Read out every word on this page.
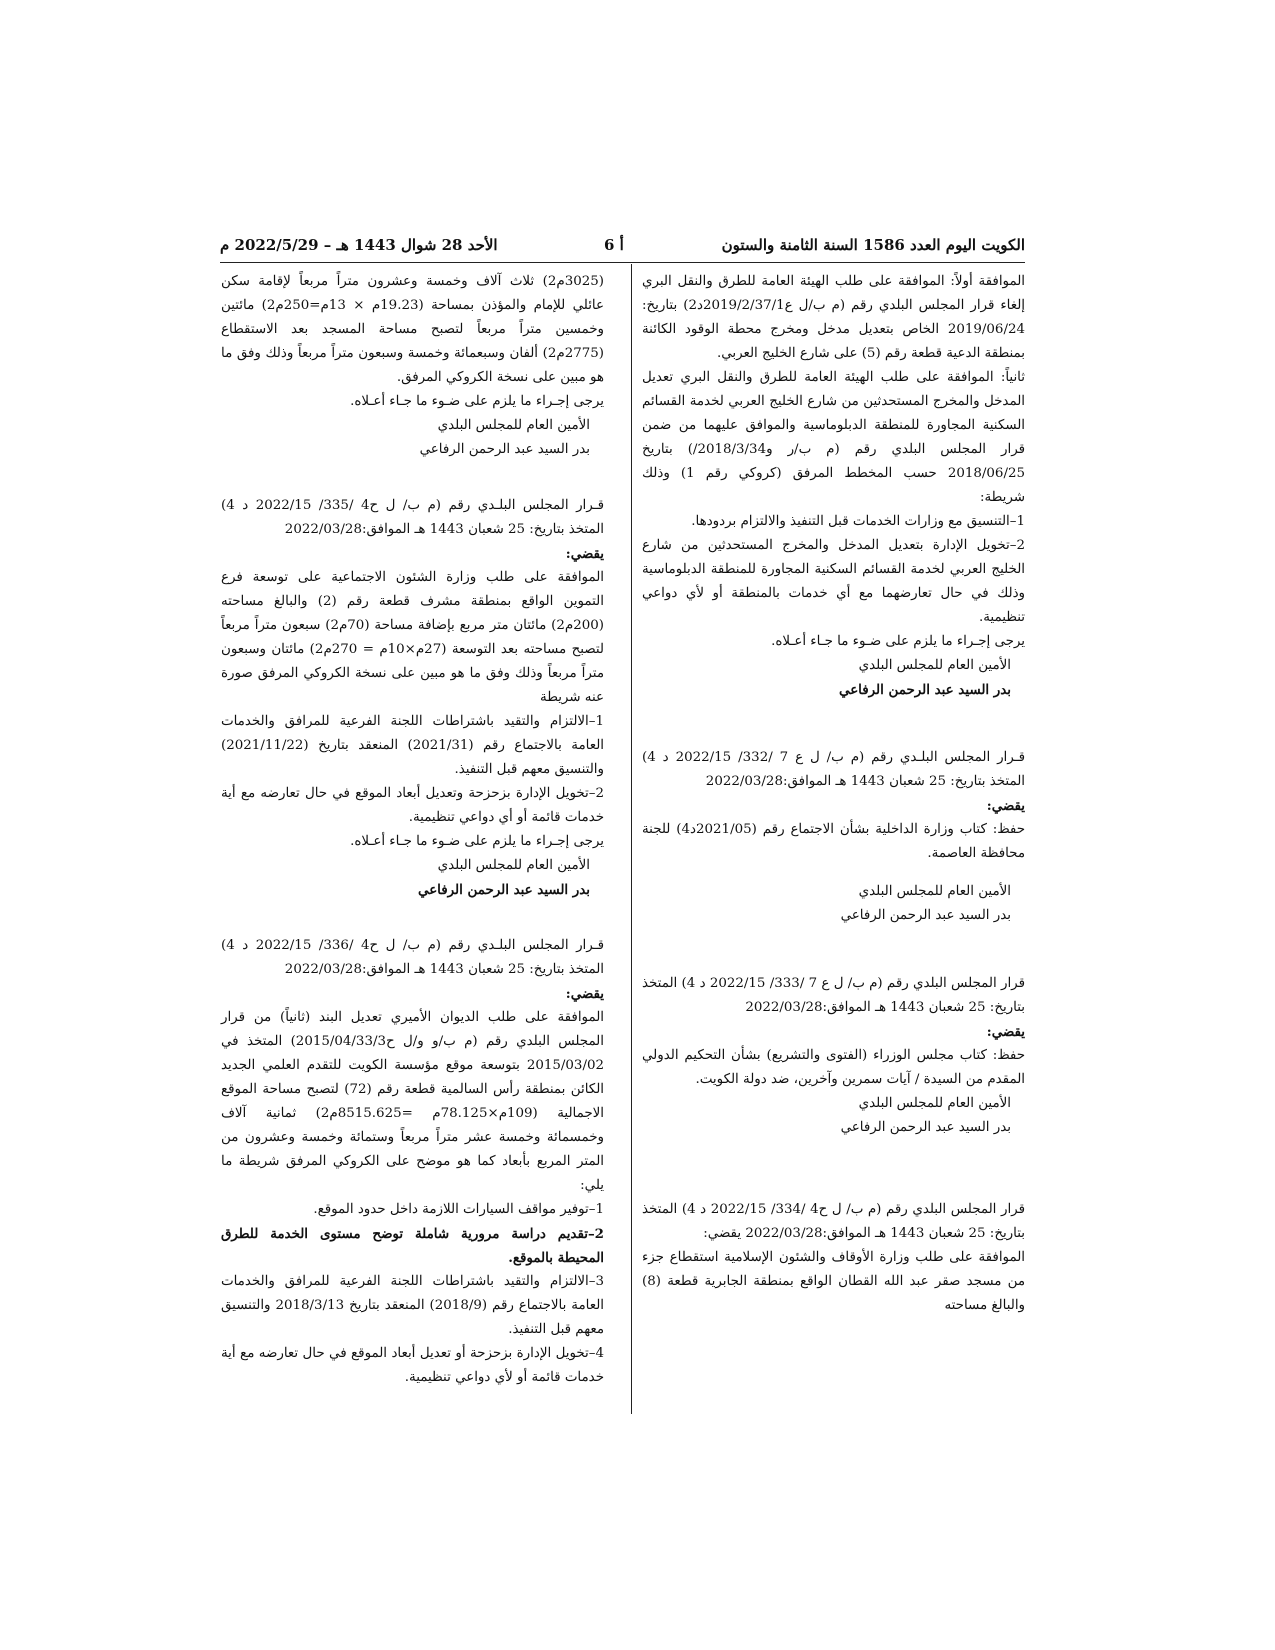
الأحد 28 شوال 1443 هـ – 2022/5/29 م	أ 6	الكويت اليوم العدد 1586 السنة الثامنة والستون

الموافقة أولاً: الموافقة على طلب الهيئة العامة للطرق والنقل البري إلغاء قرار المجلس البلدي رقم (م ب/ل ع2019/2/37/1د2) بتاريخ: 2019/06/24 الخاص بتعديل مدخل ومخرج محطة الوقود الكائنة بمنطقة الدعية قطعة رقم (5) على شارع الخليج العربي.

ثانياً: الموافقة على طلب الهيئة العامة للطرق والنقل البري تعديل المدخل والمخرج المستحدثين من شارع الخليج العربي لخدمة القسائم السكنية المجاورة للمنطقة الدبلوماسية والموافق عليهما من ضمن قرار المجلس البلدي رقم (م ب/ر و2018/3/34/) بتاريخ 2018/06/25 حسب المخطط المرفق (كروكي رقم 1) وذلك شريطة:

1–التنسيق مع وزارات الخدمات قبل التنفيذ والالتزام بردودها.

2–تخويل الإدارة بتعديل المدخل والمخرج المستحدثين من شارع الخليج العربي لخدمة القسائم السكنية المجاورة للمنطقة الدبلوماسية وذلك في حال تعارضهما مع أي خدمات بالمنطقة أو لأي دواعي تنظيمية.

يرجى إجـراء ما يلزم على ضـوء ما جـاء أعـلاه.

الأمين العام للمجلس البلدي

بدر السيد عبد الرحمن الرفاعي

قـرار المجلس البلـدي رقم (م ب/ ل ع 7 /332/ 2022/15 د 4) المتخذ بتاريخ: 25 شعبان 1443 هـ الموافق:2022/03/28

يقضي:

حفظ: كتاب وزارة الداخلية بشأن الاجتماع رقم (2021/05د4) للجنة محافظة العاصمة.

الأمين العام للمجلس البلدي

بدر السيد عبد الرحمن الرفاعي

قرار المجلس البلدي رقم (م ب/ ل ع 7 /333/ 2022/15 د 4) المتخذ بتاريخ: 25 شعبان 1443 هـ الموافق:2022/03/28

يقضي:

حفظ: كتاب مجلس الوزراء (الفتوى والتشريع) بشأن التحكيم الدولي المقدم من السيدة / آيات سمرين وآخرين، ضد دولة الكويت.

الأمين العام للمجلس البلدي

بدر السيد عبد الرحمن الرفاعي

قرار المجلس البلدي رقم (م ب/ ل ح4 /334/ 2022/15 د 4) المتخذ بتاريخ: 25 شعبان 1443 هـ الموافق:2022/03/28 يقضي:

الموافقة على طلب وزارة الأوقاف والشئون الإسلامية استقطاع جزء من مسجد صقر عبد الله القطان الواقع بمنطقة الجابرية قطعة (8) والبالغ مساحته

(3025م2) ثلاث آلاف وخمسة وعشرون متراً مربعاً لإقامة سكن عائلي للإمام والمؤذن بمساحة (19.23م × 13م=250م2) مائتين وخمسين متراً مربعاً لتصبح مساحة المسجد بعد الاستقطاع (2775م2) ألفان وسبعمائة وخمسة وسبعون متراً مربعاً وذلك وفق ما هو مبين على نسخة الكروكي المرفق.

يرجى إجـراء ما يلزم على ضـوء ما جـاء أعـلاه.

الأمين العام للمجلس البلدي

بدر السيد عبد الرحمن الرفاعي

قـرار المجلس البلـدي رقم (م ب/ ل ح4 /335/ 2022/15 د 4) المتخذ بتاريخ: 25 شعبان 1443 هـ الموافق:2022/03/28

يقضي:

الموافقة على طلب وزارة الشئون الاجتماعية على توسعة فرع التموين الواقع بمنطقة مشرف قطعة رقم (2) والبالغ مساحته (200م2) مائتان متر مربع بإضافة مساحة (70م2) سبعون متراً مربعاً لتصبح مساحته بعد التوسعة (27م×10م = 270م2) مائتان وسبعون متراً مربعاً وذلك وفق ما هو مبين على نسخة الكروكي المرفق صورة عنه شريطة

1–الالتزام والتقيد باشتراطات اللجنة الفرعية للمرافق والخدمات العامة بالاجتماع رقم (2021/31) المنعقد بتاريخ (2021/11/22) والتنسيق معهم قبل التنفيذ.

2–تخويل الإدارة بزحزحة وتعديل أبعاد الموقع في حال تعارضه مع أية خدمات قائمة أو أي دواعي تنظيمية.

يرجى إجـراء ما يلزم على ضـوء ما جـاء أعـلاه.

الأمين العام للمجلس البلدي

بدر السيد عبد الرحمن الرفاعي

قـرار المجلس البلـدي رقم (م ب/ ل ح4 /336/ 2022/15 د 4) المتخذ بتاريخ: 25 شعبان 1443 هـ الموافق:2022/03/28

يقضي:

الموافقة على طلب الديوان الأميري تعديل البند (ثانياً) من قرار المجلس البلدي رقم (م ب/و و/ل ح2015/04/33/3) المتخذ في 2015/03/02 بتوسعة موقع مؤسسة الكويت للتقدم العلمي الجديد الكائن بمنطقة رأس السالمية قطعة رقم (72) لتصبح مساحة الموقع الاجمالية (109م×78.125م =8515.625م2) ثمانية آلاف وخمسمائة وخمسة عشر متراً مربعاً وستمائة وخمسة وعشرون من المتر المربع بأبعاد كما هو موضح على الكروكي المرفق شريطة ما يلي:

1–توفير مواقف السيارات اللازمة داخل حدود الموقع.

2–تقديم دراسة مرورية شاملة توضح مستوى الخدمة للطرق المحيطة بالموقع.

3–الالتزام والتقيد باشتراطات اللجنة الفرعية للمرافق والخدمات العامة بالاجتماع رقم (2018/9) المنعقد بتاريخ 2018/3/13 والتنسيق معهم قبل التنفيذ.

4–تخويل الإدارة بزحزحة أو تعديل أبعاد الموقع في حال تعارضه مع أية خدمات قائمة أو لأي دواعي تنظيمية.
